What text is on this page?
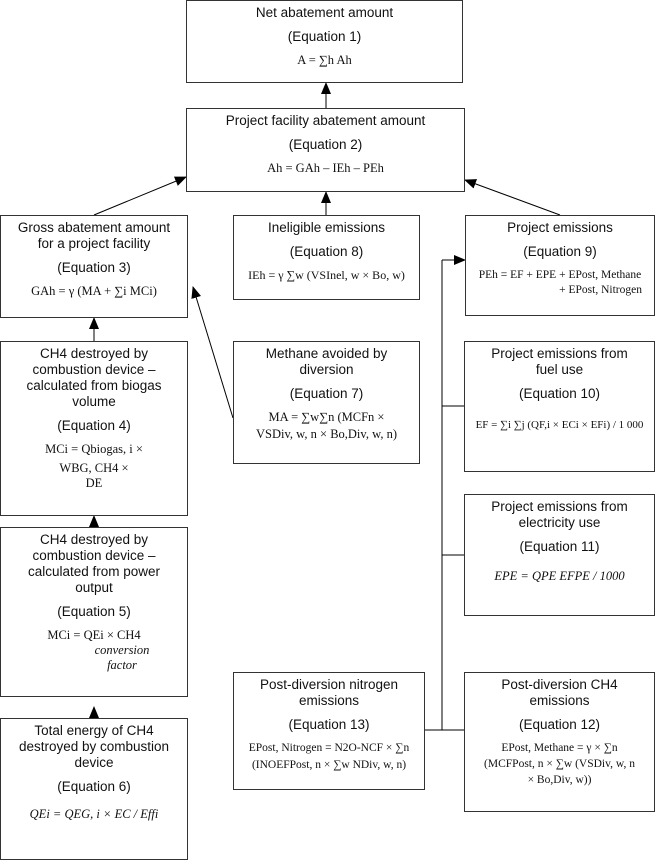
Net abatement amount
(Equation 1)
A = ∑h Ah
Project facility abatement amount
(Equation 2)
Ah = GAh – IEh – PEh
Gross abatement amount
for a project facility
(Equation 3)
GAh = γ (MA + ∑i MCi)
Ineligible emissions
(Equation 8)
IEh = γ ∑w (VSInel, w × Bo, w)
Project emissions
(Equation 9)
PEh = EF + EPE + EPost, Methane
+ EPost, Nitrogen
CH4 destroyed by
combustion device –
calculated from biogas
volume
(Equation 4)
MCi = Qbiogas, i ×
WBG, CH4 ×
DE
Methane avoided by
diversion
(Equation 7)
MA = ∑w∑n (MCFn ×
VSDiv, w, n × Bo,Div, w, n)
Project emissions from
fuel use
(Equation 10)
EF = ∑i ∑j (QF,i × ECi × EFi) / 1 000
Project emissions from
electricity use
(Equation 11)
EPE = QPE EFPE / 1000
CH4 destroyed by
combustion device –
calculated from power
output
(Equation 5)
MCi = QEi × CH4
conversion
factor
Post-diversion nitrogen
emissions
(Equation 13)
EPost, Nitrogen = N2O-NCF × ∑n
(INOEFPost, n × ∑w NDiv, w, n)
Post-diversion CH4
emissions
(Equation 12)
EPost, Methane = γ × ∑n
(MCFPost, n × ∑w (VSDiv, w, n
× Bo,Div, w))
Total energy of CH4
destroyed by combustion
device
(Equation 6)
QEi = QEG, i × EC / Effi
